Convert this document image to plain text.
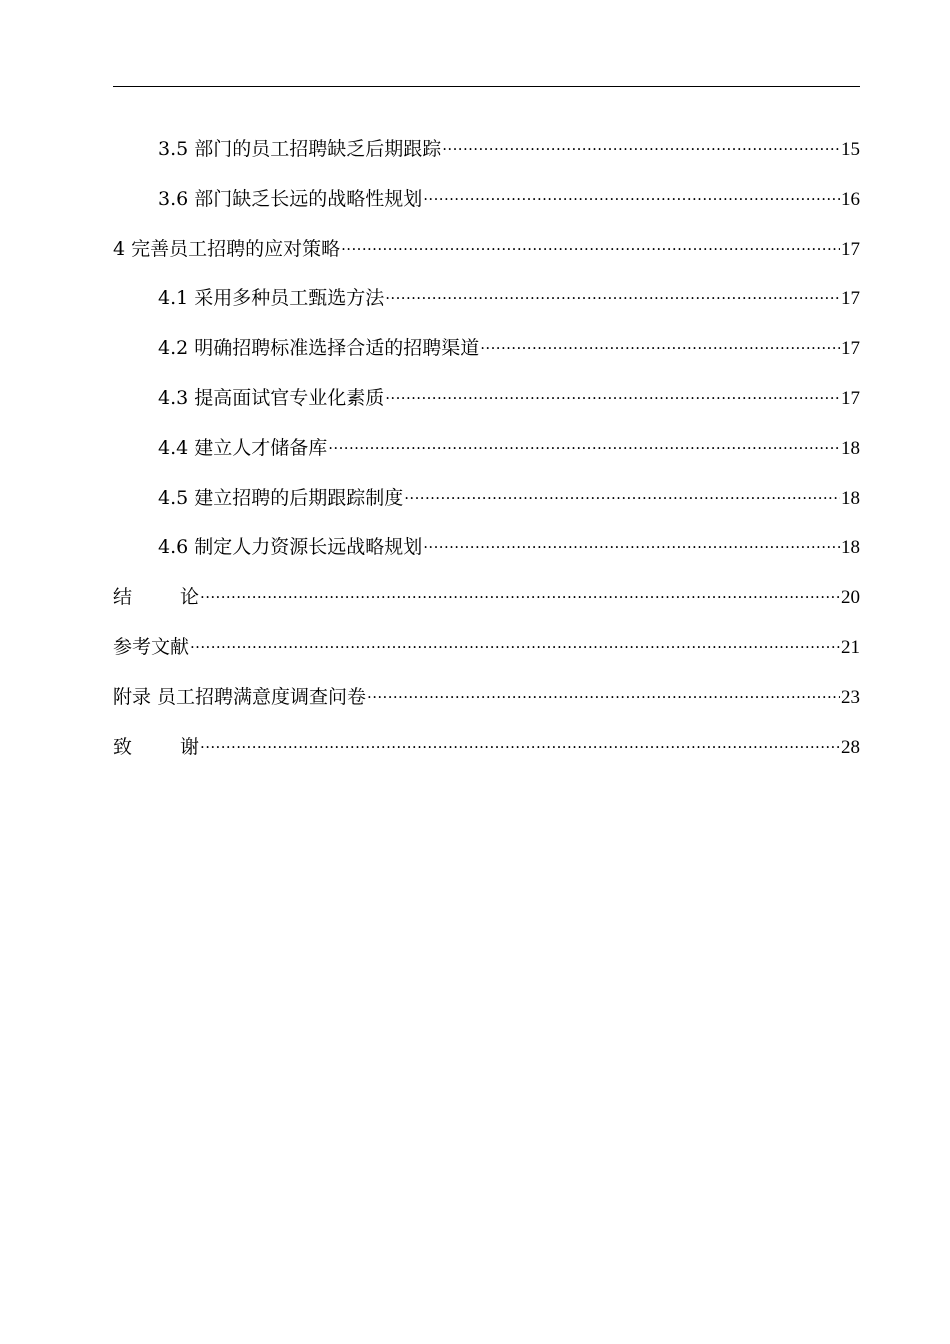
3.5 部门的员工招聘缺乏后期跟踪 .....	15
3.6 部门缺乏长远的战略性规划 .....	16
4 完善员工招聘的应对策略 .....	17
4.1 采用多种员工甄选方法 .....	17
4.2 明确招聘标准选择合适的招聘渠道 .....	17
4.3 提高面试官专业化素质 .....	17
4.4 建立人才储备库 .....	18
4.5 建立招聘的后期跟踪制度 .....	18
4.6 制定人力资源长远战略规划 .....	18
结	论 .....	20
参考文献 .....	21
附录 员工招聘满意度调查问卷 .....	23
致	谢 .....	28
